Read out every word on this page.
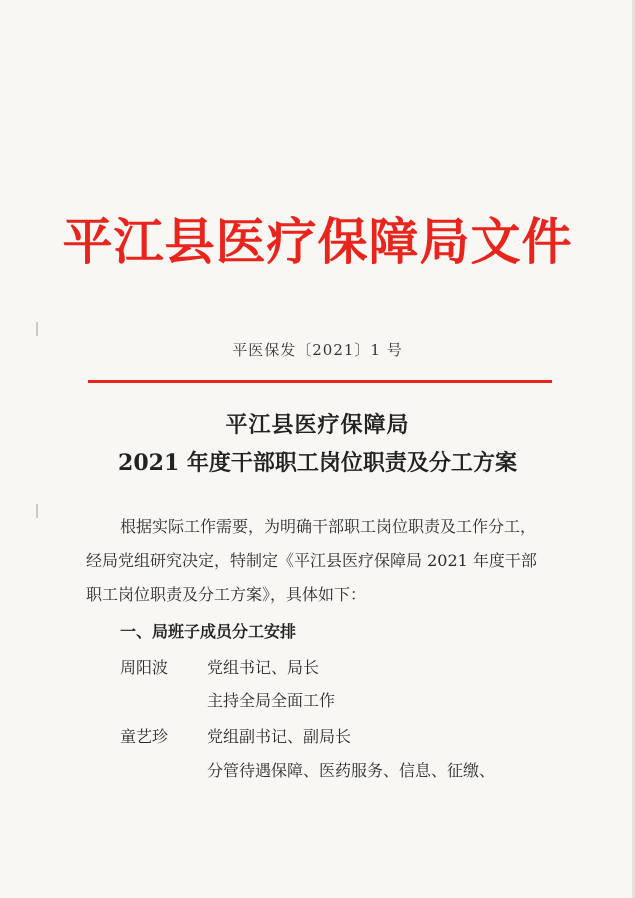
平江县医疗保障局文件
平医保发〔2021〕1 号
平江县医疗保障局
2021 年度干部职工岗位职责及分工方案
根据实际工作需要，为明确干部职工岗位职责及工作分工，
经局党组研究决定，特制定《平江县医疗保障局 2021 年度干部
职工岗位职责及分工方案》，具体如下：
一、局班子成员分工安排
周阳波 党组书记、局长
主持全局全面工作
童艺珍 党组副书记、副局长
分管待遇保障、医药服务、信息、征缴、
